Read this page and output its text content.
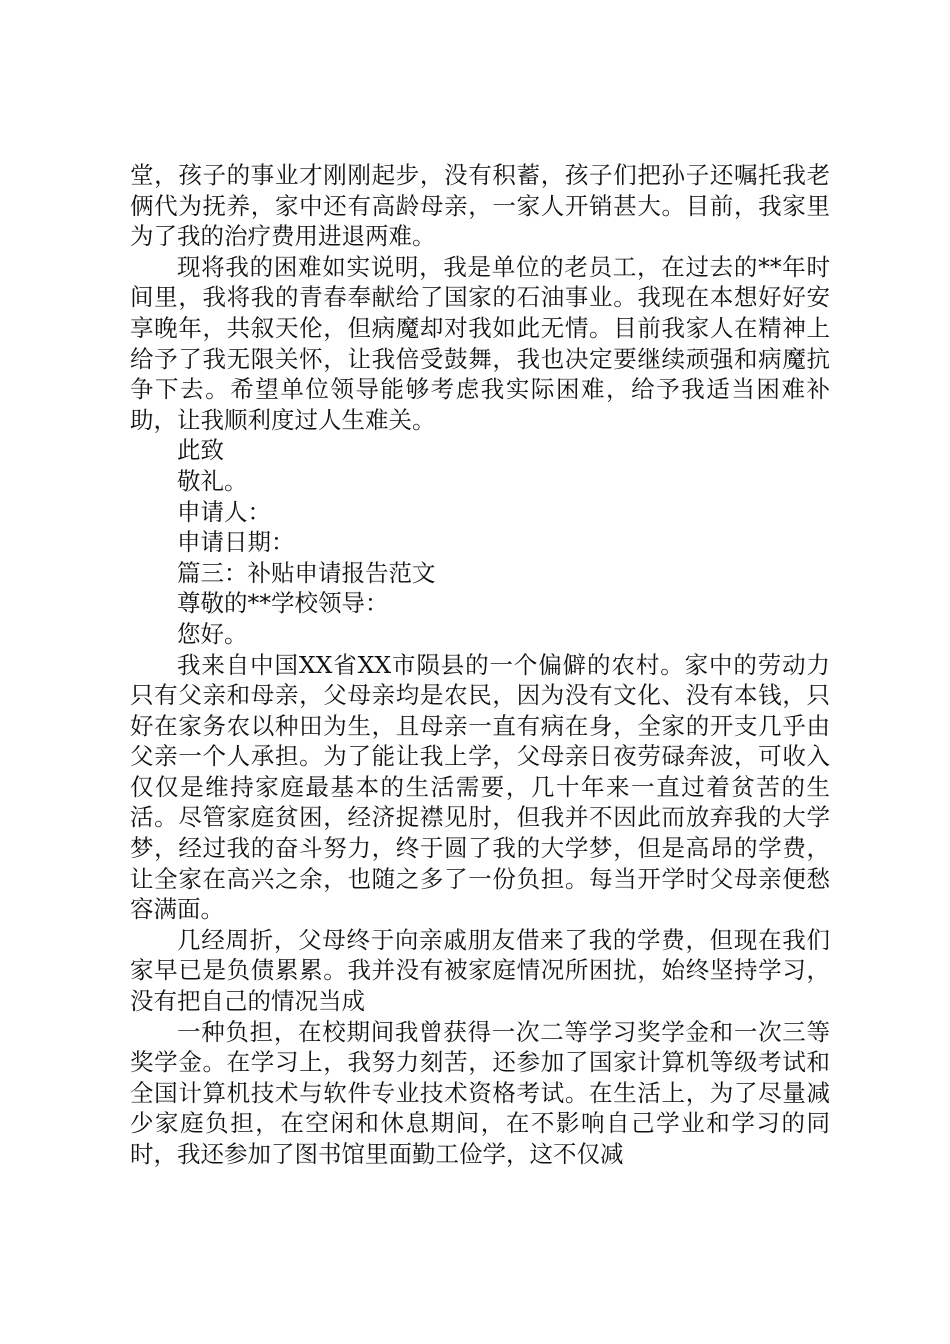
堂，孩子的事业才刚刚起步，没有积蓄，孩子们把孙子还嘱托我老俩代为抚养，家中还有高龄母亲，一家人开销甚大。目前，我家里为了我的治疗费用进退两难。

现将我的困难如实说明，我是单位的老员工，在过去的**年时间里，我将我的青春奉献给了国家的石油事业。我现在本想好好安享晚年，共叙天伦，但病魔却对我如此无情。目前我家人在精神上给予了我无限关怀，让我倍受鼓舞，我也决定要继续顽强和病魔抗争下去。希望单位领导能够考虑我实际困难，给予我适当困难补助，让我顺利度过人生难关。

此致

敬礼。

申请人：

申请日期：

篇三：补贴申请报告范文

尊敬的**学校领导：

您好。

我来自中国XX省XX市陨县的一个偏僻的农村。家中的劳动力只有父亲和母亲，父母亲均是农民，因为没有文化、没有本钱，只好在家务农以种田为生，且母亲一直有病在身，全家的开支几乎由父亲一个人承担。为了能让我上学，父母亲日夜劳碌奔波，可收入仅仅是维持家庭最基本的生活需要，几十年来一直过着贫苦的生活。尽管家庭贫困，经济捉襟见肘，但我并不因此而放弃我的大学梦，经过我的奋斗努力，终于圆了我的大学梦，但是高昂的学费，让全家在高兴之余，也随之多了一份负担。每当开学时父母亲便愁容满面。

几经周折，父母终于向亲戚朋友借来了我的学费，但现在我们家早已是负债累累。我并没有被家庭情况所困扰，始终坚持学习，没有把自己的情况当成

一种负担，在校期间我曾获得一次二等学习奖学金和一次三等奖学金。在学习上，我努力刻苦，还参加了国家计算机等级考试和全国计算机技术与软件专业技术资格考试。在生活上，为了尽量减少家庭负担，在空闲和休息期间，在不影响自己学业和学习的同时，我还参加了图书馆里面勤工俭学，这不仅减
